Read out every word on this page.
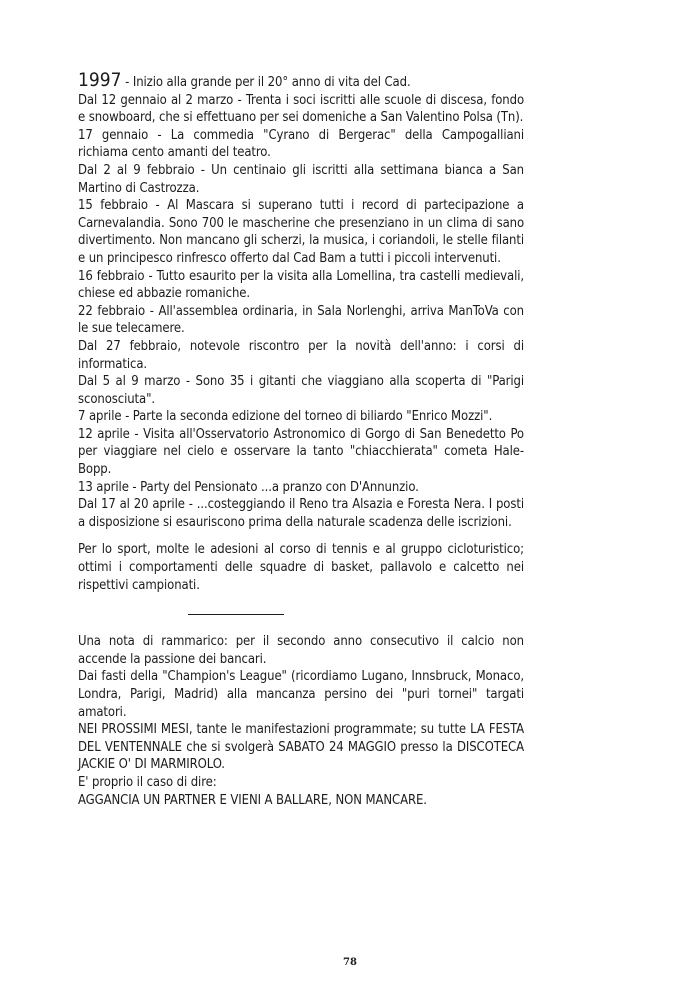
1997 - Inizio alla grande per il 20° anno di vita del Cad.

Dal 12 gennaio al 2 marzo - Trenta i soci iscritti alle scuole di discesa, fondo e snowboard, che si effettuano per sei domeniche a San Valentino Polsa (Tn).

17 gennaio - La commedia "Cyrano di Bergerac" della Campogalliani richiama cento amanti del teatro.

Dal 2 al 9 febbraio - Un centinaio gli iscritti alla settimana bianca a San Martino di Castrozza.

15 febbraio - Al Mascara si superano tutti i record di partecipazione a Carnevalandia. Sono 700 le mascherine che presenziano in un clima di sano divertimento. Non mancano gli scherzi, la musica, i coriandoli, le stelle filanti e un principesco rinfresco offerto dal Cad Bam a tutti i piccoli intervenuti.

16 febbraio - Tutto esaurito per la visita alla Lomellina, tra castelli medievali, chiese ed abbazie romaniche.

22 febbraio - All'assemblea ordinaria, in Sala Norlenghi, arriva ManToVa con le sue telecamere.

Dal 27 febbraio, notevole riscontro per la novità dell'anno: i corsi di informatica.

Dal 5 al 9 marzo - Sono 35 i gitanti che viaggiano alla scoperta di "Parigi sconosciuta".

7 aprile - Parte la seconda edizione del torneo di biliardo "Enrico Mozzi".

12 aprile - Visita all'Osservatorio Astronomico di Gorgo di San Benedetto Po per viaggiare nel cielo e osservare la tanto "chiacchierata" cometa Hale-Bopp.

13 aprile - Party del Pensionato ...a pranzo con D'Annunzio.

Dal 17 al 20 aprile - ...costeggiando il Reno tra Alsazia e Foresta Nera. I posti a disposizione si esauriscono prima della naturale scadenza delle iscrizioni.

Per lo sport, molte le adesioni al corso di tennis e al gruppo cicloturistico; ottimi i comportamenti delle squadre di basket, pallavolo e calcetto nei rispettivi campionati.

Una nota di rammarico: per il secondo anno consecutivo il calcio non accende la passione dei bancari.

Dai fasti della "Champion's League" (ricordiamo Lugano, Innsbruck, Monaco, Londra, Parigi, Madrid) alla mancanza persino dei "puri tornei" targati amatori.

NEI PROSSIMI MESI, tante le manifestazioni programmate; su tutte LA FESTA DEL VENTENNALE che si svolgerà SABATO 24 MAGGIO presso la DISCOTECA JACKIE O' DI MARMIROLO.

E' proprio il caso di dire:

AGGANCIA UN PARTNER E VIENI A BALLARE, NON MANCARE.

78
